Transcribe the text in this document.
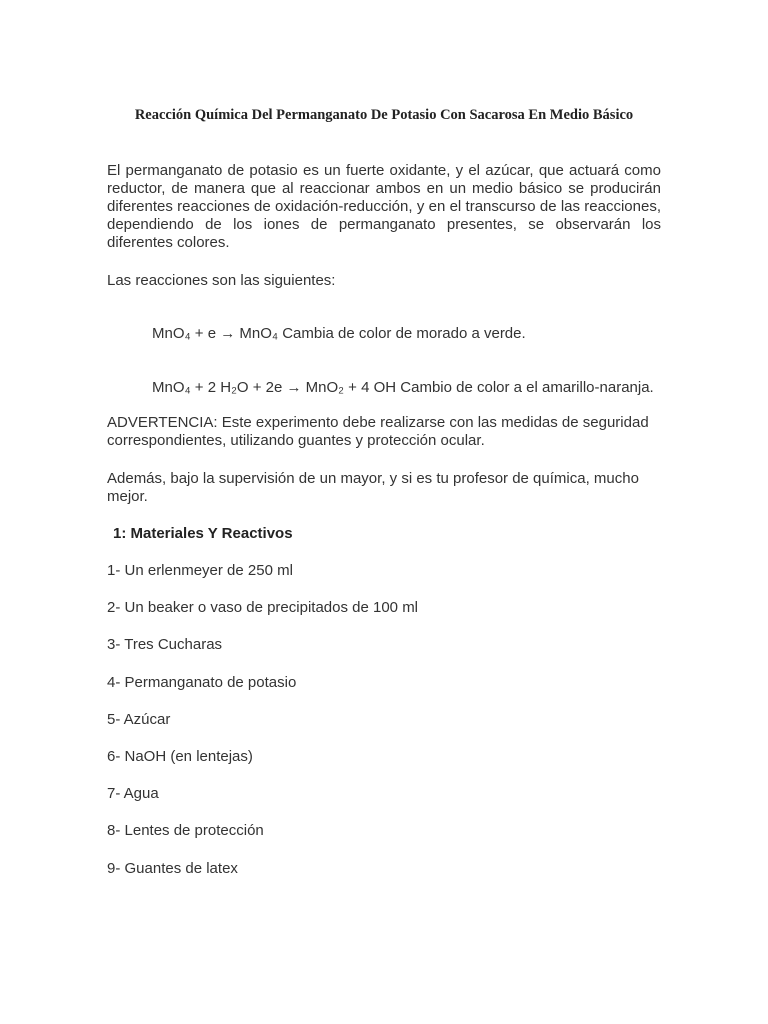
Reacción Química Del Permanganato De Potasio Con Sacarosa En Medio Básico

El permanganato de potasio es un fuerte oxidante, y el azúcar, que actuará como reductor, de manera que al reaccionar ambos en un medio básico se producirán diferentes reacciones de oxidación-reducción, y en el transcurso de las reacciones, dependiendo de los iones de permanganato presentes, se observarán los diferentes colores.

Las reacciones son las siguientes:

MnO₄ + e → MnO₄ Cambia de color de morado a verde.
MnO₄ + 2 H₂O + 2e → MnO₂ + 4 OH Cambio de color a el amarillo-naranja.

ADVERTENCIA: Este experimento debe realizarse con las medidas de seguridad correspondientes, utilizando guantes y protección ocular.

Además, bajo la supervisión de un mayor, y si es tu profesor de química, mucho mejor.

1: Materiales Y Reactivos
1- Un erlenmeyer de 250 ml
2- Un beaker o vaso de precipitados de 100 ml
3- Tres Cucharas
4- Permanganato de potasio
5- Azúcar
6- NaOH (en lentejas)
7- Agua
8- Lentes de protección
9- Guantes de latex
